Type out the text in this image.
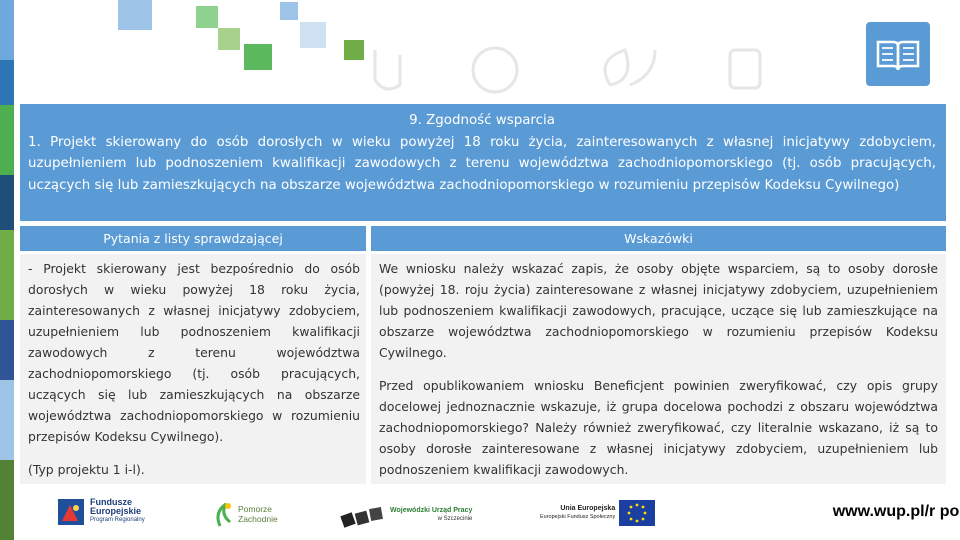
9. Zgodność wsparcia
1. Projekt skierowany do osób dorosłych w wieku powyżej 18 roku życia, zainteresowanych z własnej inicjatywy zdobyciem, uzupełnieniem lub podnoszeniem kwalifikacji zawodowych z terenu województwa zachodniopomorskiego (tj. osób pracujących, uczących się lub zamieszkujących na obszarze województwa zachodniopomorskiego w rozumieniu przepisów Kodeksu Cywilnego)
Pytania z listy sprawdzającej	Wskazówki

- Projekt skierowany jest bezpośrednio do osób dorosłych w wieku powyżej 18 roku życia, zainteresowanych z własnej inicjatywy zdobyciem, uzupełnieniem lub podnoszeniem kwalifikacji zawodowych z terenu województwa zachodniopomorskiego (tj. osób pracujących, uczących się lub zamieszkujących na obszarze województwa zachodniopomorskiego w rozumieniu przepisów Kodeksu Cywilnego).

(Typ projektu 1 i-l).

We wniosku należy wskazać zapis, że osoby objęte wsparciem, są to osoby dorosłe (powyżej 18. roju życia) zainteresowane z własnej inicjatywy zdobyciem, uzupełnieniem lub podnoszeniem kwalifikacji zawodowych, pracujące, uczące się lub zamieszkujące na obszarze województwa zachodniopomorskiego w rozumieniu przepisów Kodeksu Cywilnego.

Przed opublikowaniem wniosku Beneficjent powinien zweryfikować, czy opis grupy docelowej jednoznacznie wskazuje, iż grupa docelowa pochodzi z obszaru województwa zachodniopomorskiego? Należy również zweryfikować, czy literalnie wskazano, iż są to osoby dorosłe zainteresowane z własnej inicjatywy zdobyciem, uzupełnieniem lub podnoszeniem kwalifikacji zawodowych.

Fundusze
Europejskie
Program Regionalny
Pomorze
Zachodnie
Wojewódzki Urząd Pracy
w Szczecinie
Unia Europejska
Europejski Fundusz Społeczny	www.wup.pl/r po
